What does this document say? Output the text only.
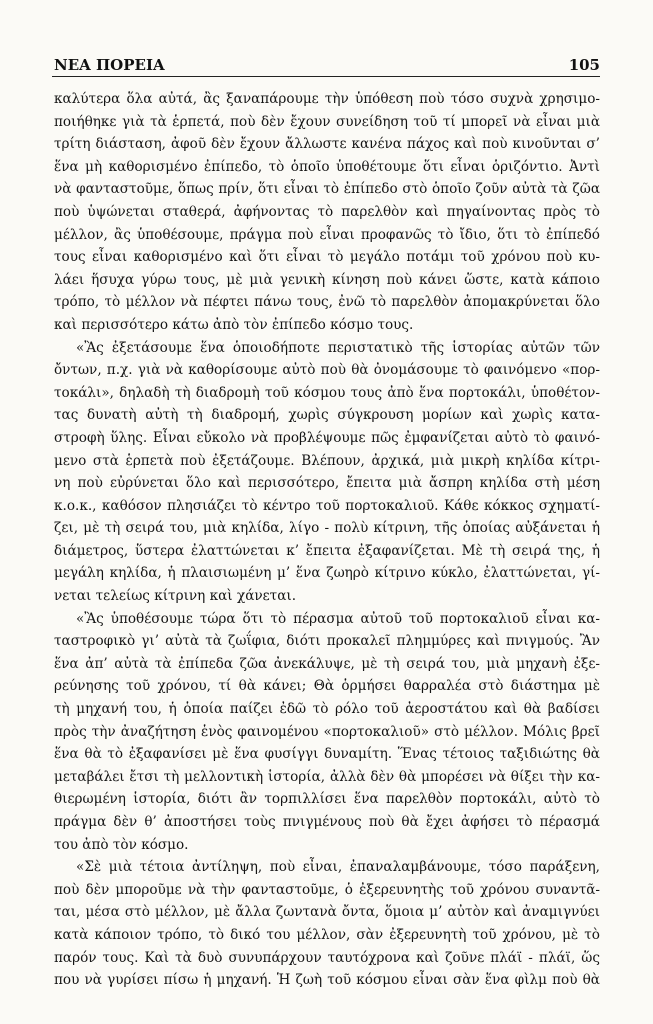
ΝΕΑ ΠΟΡΕΙΑ	105
καλύτερα ὅλα αὐτά, ἂς ξαναπάρουμε τὴν ὑπόθεση ποὺ τόσο συχνὰ χρησιμο-
ποιήθηκε γιὰ τὰ ἑρπετά, ποὺ δὲν ἔχουν συνείδηση τοῦ τί μπορεῖ νὰ εἶναι μιὰ
τρίτη διάσταση, ἀφοῦ δὲν ἔχουν ἄλλωστε κανένα πάχος καὶ ποὺ κινοῦνται σ’
ἕνα μὴ καθορισμένο ἐπίπεδο, τὸ ὁποῖο ὑποθέτουμε ὅτι εἶναι ὁριζόντιο. Ἀντὶ
νὰ φανταστοῦμε, ὅπως πρίν, ὅτι εἶναι τὸ ἐπίπεδο στὸ ὁποῖο ζοῦν αὐτὰ τὰ ζῶα
ποὺ ὑψώνεται σταθερά, ἀφήνοντας τὸ παρελθὸν καὶ πηγαίνοντας πρὸς τὸ
μέλλον, ἂς ὑποθέσουμε, πράγμα ποὺ εἶναι προφανῶς τὸ ἴδιο, ὅτι τὸ ἐπίπεδό
τους εἶναι καθορισμένο καὶ ὅτι εἶναι τὸ μεγάλο ποτάμι τοῦ χρόνου ποὺ κυ-
λάει ἥσυχα γύρω τους, μὲ μιὰ γενικὴ κίνηση ποὺ κάνει ὥστε, κατὰ κάποιο
τρόπο, τὸ μέλλον νὰ πέφτει πάνω τους, ἐνῶ τὸ παρελθὸν ἀπομακρύνεται ὅλο
καὶ περισσότερο κάτω ἀπὸ τὸν ἐπίπεδο κόσμο τους.
«Ἂς ἐξετάσουμε ἕνα ὁποιοδήποτε περιστατικὸ τῆς ἱστορίας αὐτῶν τῶν
ὄντων, π.χ. γιὰ νὰ καθορίσουμε αὐτὸ ποὺ θὰ ὀνομάσουμε τὸ φαινόμενο «πορ-
τοκάλι», δηλαδὴ τὴ διαδρομὴ τοῦ κόσμου τους ἀπὸ ἕνα πορτοκάλι, ὑποθέτον-
τας δυνατὴ αὐτὴ τὴ διαδρομή, χωρὶς σύγκρουση μορίων καὶ χωρὶς κατα-
στροφὴ ὕλης. Εἶναι εὔκολο νὰ προβλέψουμε πῶς ἐμφανίζεται αὐτὸ τὸ φαινό-
μενο στὰ ἑρπετὰ ποὺ ἐξετάζουμε. Βλέπουν, ἀρχικά, μιὰ μικρὴ κηλίδα κίτρι-
νη ποὺ εὐρύνεται ὅλο καὶ περισσότερο, ἔπειτα μιὰ ἄσπρη κηλίδα στὴ μέση
κ.ο.κ., καθόσον πλησιάζει τὸ κέντρο τοῦ πορτοκαλιοῦ. Κάθε κόκκος σχηματί-
ζει, μὲ τὴ σειρά του, μιὰ κηλίδα, λίγο - πολὺ κίτρινη, τῆς ὁποίας αὐξάνεται ἡ
διάμετρος, ὕστερα ἐλαττώνεται κ’ ἔπειτα ἐξαφανίζεται. Μὲ τὴ σειρά της, ἡ
μεγάλη κηλίδα, ἡ πλαισιωμένη μ’ ἕνα ζωηρὸ κίτρινο κύκλο, ἐλαττώνεται, γί-
νεται τελείως κίτρινη καὶ χάνεται.
«Ἂς ὑποθέσουμε τώρα ὅτι τὸ πέρασμα αὐτοῦ τοῦ πορτοκαλιοῦ εἶναι κα-
ταστροφικὸ γι’ αὐτὰ τὰ ζωΐφια, διότι προκαλεῖ πλημμύρες καὶ πνιγμούς. Ἂν
ἕνα ἀπ’ αὐτὰ τὰ ἐπίπεδα ζῶα ἀνεκάλυψε, μὲ τὴ σειρά του, μιὰ μηχανὴ ἐξε-
ρεύνησης τοῦ χρόνου, τί θὰ κάνει; Θὰ ὁρμήσει θαρραλέα στὸ διάστημα μὲ
τὴ μηχανή του, ἡ ὁποία παίζει ἐδῶ τὸ ρόλο τοῦ ἀεροστάτου καὶ θὰ βαδίσει
πρὸς τὴν ἀναζήτηση ἑνὸς φαινομένου «πορτοκαλιοῦ» στὸ μέλλον. Μόλις βρεῖ
ἕνα θὰ τὸ ἐξαφανίσει μὲ ἕνα φυσίγγι δυναμίτη. Ἕνας τέτοιος ταξιδιώτης θὰ
μεταβάλει ἔτσι τὴ μελλοντικὴ ἱστορία, ἀλλὰ δὲν θὰ μπορέσει νὰ θίξει τὴν κα-
θιερωμένη ἱστορία, διότι ἂν τορπιλλίσει ἕνα παρελθὸν πορτοκάλι, αὐτὸ τὸ
πράγμα δὲν θ’ ἀποστήσει τοὺς πνιγμένους ποὺ θὰ ἔχει ἀφήσει τὸ πέρασμά
του ἀπὸ τὸν κόσμο.
«Σὲ μιὰ τέτοια ἀντίληψη, ποὺ εἶναι, ἐπαναλαμβάνουμε, τόσο παράξενη,
ποὺ δὲν μποροῦμε νὰ τὴν φανταστοῦμε, ὁ ἐξερευνητὴς τοῦ χρόνου συναντᾶ-
ται, μέσα στὸ μέλλον, μὲ ἄλλα ζωντανὰ ὄντα, ὅμοια μ’ αὐτὸν καὶ ἀναμιγνύει
κατὰ κάποιον τρόπο, τὸ δικό του μέλλον, σὰν ἐξερευνητὴ τοῦ χρόνου, μὲ τὸ
παρόν τους. Καὶ τὰ δυὸ συνυπάρχουν ταυτόχρονα καὶ ζοῦνε πλάϊ - πλάϊ, ὥς
που νὰ γυρίσει πίσω ἡ μηχανή. Ἡ ζωὴ τοῦ κόσμου εἶναι σὰν ἕνα φὶλμ ποὺ θὰ
